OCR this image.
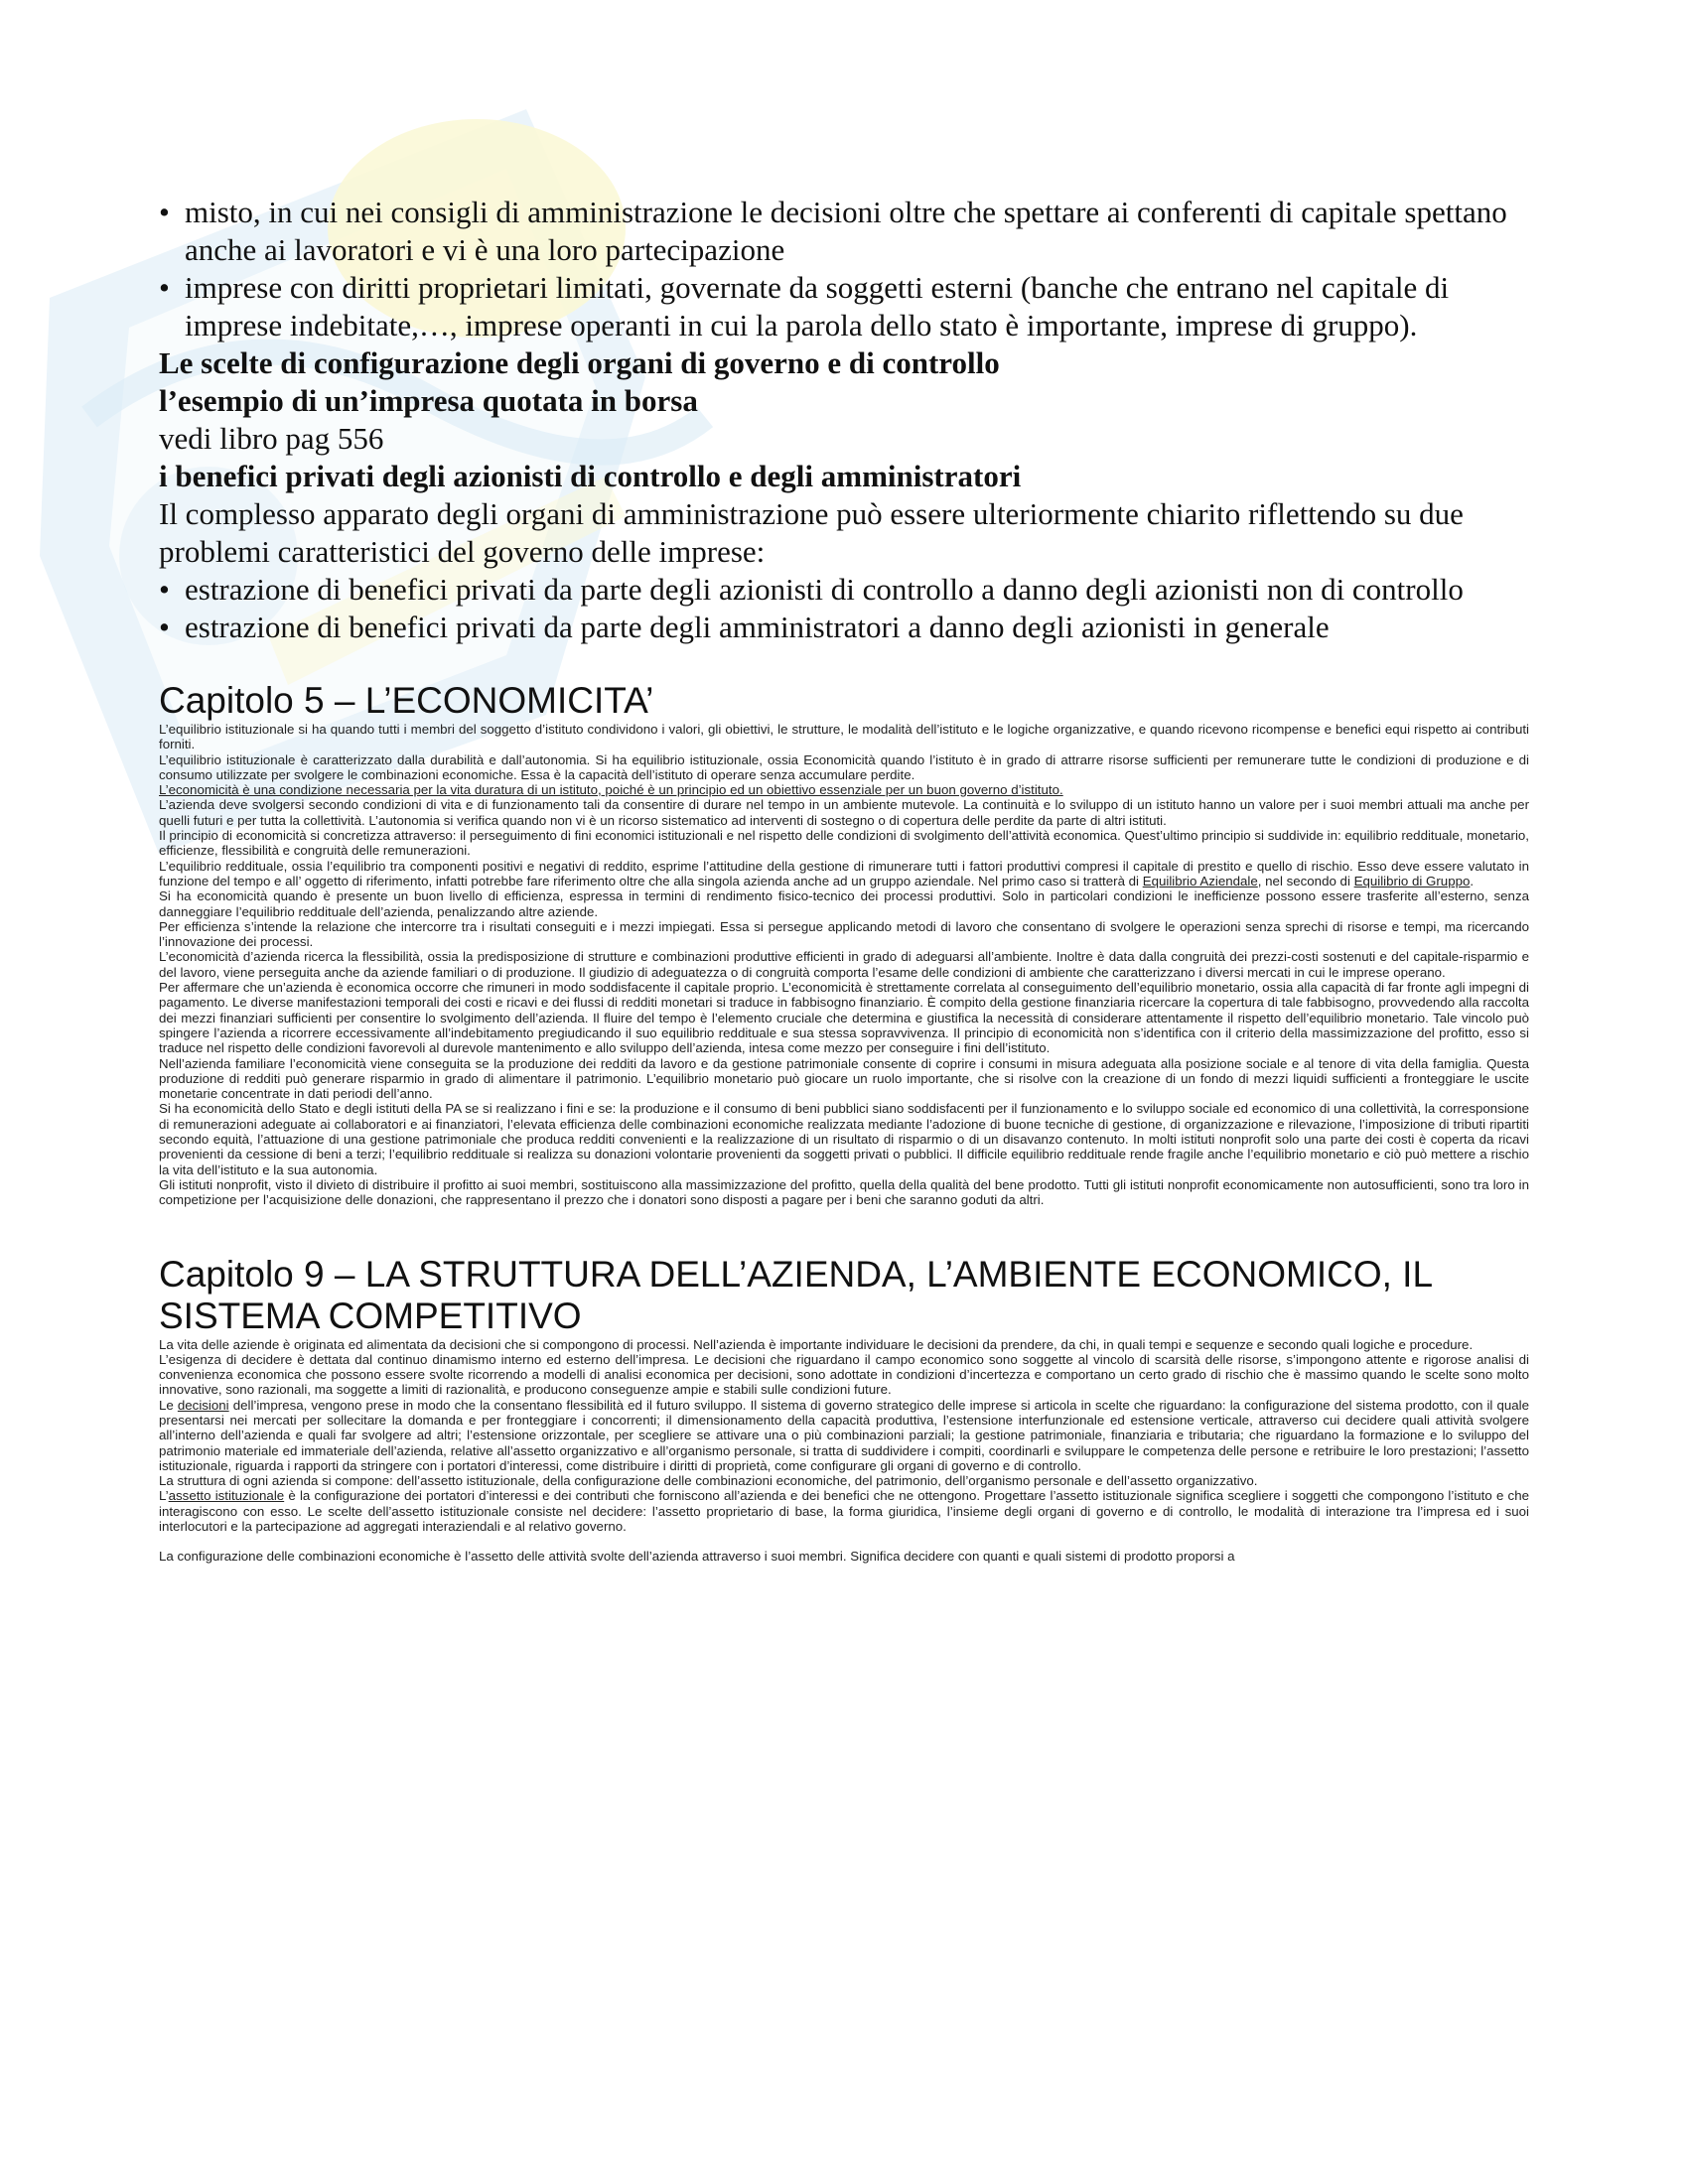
• misto, in cui nei consigli di amministrazione le decisioni oltre che spettare ai conferenti di capitale spettano anche ai lavoratori e vi è una loro partecipazione
• imprese con diritti proprietari limitati, governate da soggetti esterni (banche che entrano nel capitale di imprese indebitate,…, imprese operanti in cui la parola dello stato è importante, imprese di gruppo).
Le scelte di configurazione degli organi di governo e di controllo
l’esempio di un’impresa quotata in borsa
vedi libro pag 556
i benefici privati degli azionisti di controllo e degli amministratori
Il complesso apparato degli organi di amministrazione può essere ulteriormente chiarito riflettendo su due problemi caratteristici del governo delle imprese:
• estrazione di benefici privati da parte degli azionisti di controllo a danno degli azionisti non di controllo
• estrazione di benefici privati da parte degli amministratori a danno degli azionisti in generale
Capitolo 5 – L’ECONOMICITA’

L’equilibrio istituzionale si ha quando tutti i membri del soggetto d’istituto condividono i valori, gli obiettivi, le strutture, le modalità dell’istituto e le logiche organizzative, e quando ricevono ricompense e benefici equi rispetto ai contributi forniti.

L’equilibrio istituzionale è caratterizzato dalla durabilità e dall’autonomia. Si ha equilibrio istituzionale, ossia Economicità quando l’istituto è in grado di attrarre risorse sufficienti per remunerare tutte le condizioni di produzione e di consumo utilizzate per svolgere le combinazioni economiche. Essa è la capacità dell’istituto di operare senza accumulare perdite.

L’economicità è una condizione necessaria per la vita duratura di un istituto, poiché è un principio ed un obiettivo essenziale per un buon governo d’istituto.

L’azienda deve svolgersi secondo condizioni di vita e di funzionamento tali da consentire di durare nel tempo in un ambiente mutevole. La continuità e lo sviluppo di un istituto hanno un valore per i suoi membri attuali ma anche per quelli futuri e per tutta la collettività. L’autonomia si verifica quando non vi è un ricorso sistematico ad interventi di sostegno o di copertura delle perdite da parte di altri istituti.

Il principio di economicità si concretizza attraverso: il perseguimento di fini economici istituzionali e nel rispetto delle condizioni di svolgimento dell’attività economica. Quest’ultimo principio si suddivide in: equilibrio reddituale, monetario, efficienze, flessibilità e congruità delle remunerazioni.

L’equilibrio reddituale, ossia l’equilibrio tra componenti positivi e negativi di reddito, esprime l’attitudine della gestione di rimunerare tutti i fattori produttivi compresi il capitale di prestito e quello di rischio. Esso deve essere valutato in funzione del tempo e all’ oggetto di riferimento, infatti potrebbe fare riferimento oltre che alla singola azienda anche ad un gruppo aziendale. Nel primo caso si tratterà di Equilibrio Aziendale, nel secondo di Equilibrio di Gruppo.

Si ha economicità quando è presente un buon livello di efficienza, espressa in termini di rendimento fisico-tecnico dei processi produttivi. Solo in particolari condizioni le inefficienze possono essere trasferite all’esterno, senza danneggiare l’equilibrio reddituale dell’azienda, penalizzando altre aziende.

Per efficienza s’intende la relazione che intercorre tra i risultati conseguiti e i mezzi impiegati. Essa si persegue applicando metodi di lavoro che consentano di svolgere le operazioni senza sprechi di risorse e tempi, ma ricercando l’innovazione dei processi.

L’economicità d’azienda ricerca la flessibilità, ossia la predisposizione di strutture e combinazioni produttive efficienti in grado di adeguarsi all’ambiente. Inoltre è data dalla congruità dei prezzi-costi sostenuti e del capitale-risparmio e del lavoro, viene perseguita anche da aziende familiari o di produzione. Il giudizio di adeguatezza o di congruità comporta l’esame delle condizioni di ambiente che caratterizzano i diversi mercati in cui le imprese operano.

Per affermare che un’azienda è economica occorre che rimuneri in modo soddisfacente il capitale proprio. L’economicità è strettamente correlata al conseguimento dell’equilibrio monetario, ossia alla capacità di far fronte agli impegni di pagamento. Le diverse manifestazioni temporali dei costi e ricavi e dei flussi di redditi monetari si traduce in fabbisogno finanziario. È compito della gestione finanziaria ricercare la copertura di tale fabbisogno, provvedendo alla raccolta dei mezzi finanziari sufficienti per consentire lo svolgimento dell’azienda. Il fluire del tempo è l’elemento cruciale che determina e giustifica la necessità di considerare attentamente il rispetto dell’equilibrio monetario. Tale vincolo può spingere l’azienda a ricorrere eccessivamente all’indebitamento pregiudicando il suo equilibrio reddituale e sua stessa sopravvivenza. Il principio di economicità non s’identifica con il criterio della massimizzazione del profitto, esso si traduce nel rispetto delle condizioni favorevoli al durevole mantenimento e allo sviluppo dell’azienda, intesa come mezzo per conseguire i fini dell’istituto.

Nell’azienda familiare l’economicità viene conseguita se la produzione dei redditi da lavoro e da gestione patrimoniale consente di coprire i consumi in misura adeguata alla posizione sociale e al tenore di vita della famiglia. Questa produzione di redditi può generare risparmio in grado di alimentare il patrimonio. L’equilibrio monetario può giocare un ruolo importante, che si risolve con la creazione di un fondo di mezzi liquidi sufficienti a fronteggiare le uscite monetarie concentrate in dati periodi dell’anno.

Si ha economicità dello Stato e degli istituti della PA se si realizzano i fini e se: la produzione e il consumo di beni pubblici siano soddisfacenti per il funzionamento e lo sviluppo sociale ed economico di una collettività, la corresponsione di remunerazioni adeguate ai collaboratori e ai finanziatori, l’elevata efficienza delle combinazioni economiche realizzata mediante l’adozione di buone tecniche di gestione, di organizzazione e rilevazione, l’imposizione di tributi ripartiti secondo equità, l’attuazione di una gestione patrimoniale che produca redditi convenienti e la realizzazione di un risultato di risparmio o di un disavanzo contenuto. In molti istituti nonprofit solo una parte dei costi è coperta da ricavi provenienti da cessione di beni a terzi; l’equilibrio reddituale si realizza su donazioni volontarie provenienti da soggetti privati o pubblici. Il difficile equilibrio reddituale rende fragile anche l’equilibrio monetario e ciò può mettere a rischio la vita dell’istituto e la sua autonomia.

Gli istituti nonprofit, visto il divieto di distribuire il profitto ai suoi membri, sostituiscono alla massimizzazione del profitto, quella della qualità del bene prodotto. Tutti gli istituti nonprofit economicamente non autosufficienti, sono tra loro in competizione per l’acquisizione delle donazioni, che rappresentano il prezzo che i donatori sono disposti a pagare per i beni che saranno goduti da altri.

Capitolo 9 – LA STRUTTURA DELL’AZIENDA, L’AMBIENTE ECONOMICO, IL SISTEMA COMPETITIVO

La vita delle aziende è originata ed alimentata da decisioni che si compongono di processi. Nell’azienda è importante individuare le decisioni da prendere, da chi, in quali tempi e sequenze e secondo quali logiche e procedure.

L’esigenza di decidere è dettata dal continuo dinamismo interno ed esterno dell’impresa. Le decisioni che riguardano il campo economico sono soggette al vincolo di scarsità delle risorse, s’impongono attente e rigorose analisi di convenienza economica che possono essere svolte ricorrendo a modelli di analisi economica per decisioni, sono adottate in condizioni d’incertezza e comportano un certo grado di rischio che è massimo quando le scelte sono molto innovative, sono razionali, ma soggette a limiti di razionalità, e producono conseguenze ampie e stabili sulle condizioni future.

Le decisioni dell’impresa, vengono prese in modo che la consentano flessibilità ed il futuro sviluppo. Il sistema di governo strategico delle imprese si articola in scelte che riguardano: la configurazione del sistema prodotto, con il quale presentarsi nei mercati per sollecitare la domanda e per fronteggiare i concorrenti; il dimensionamento della capacità produttiva, l’estensione interfunzionale ed estensione verticale, attraverso cui decidere quali attività svolgere all’interno dell’azienda e quali far svolgere ad altri; l’estensione orizzontale, per scegliere se attivare una o più combinazioni parziali; la gestione patrimoniale, finanziaria e tributaria; che riguardano la formazione e lo sviluppo del patrimonio materiale ed immateriale dell’azienda, relative all’assetto organizzativo e all’organismo personale, si tratta di suddividere i compiti, coordinarli e sviluppare le competenza delle persone e retribuire le loro prestazioni; l’assetto istituzionale, riguarda i rapporti da stringere con i portatori d’interessi, come distribuire i diritti di proprietà, come configurare gli organi di governo e di controllo.

La struttura di ogni azienda si compone: dell’assetto istituzionale, della configurazione delle combinazioni economiche, del patrimonio, dell’organismo personale e dell’assetto organizzativo.

L’assetto istituzionale è la configurazione dei portatori d’interessi e dei contributi che forniscono all’azienda e dei benefici che ne ottengono. Progettare l’assetto istituzionale significa scegliere i soggetti che compongono l’istituto e che interagiscono con esso. Le scelte dell’assetto istituzionale consiste nel decidere: l’assetto proprietario di base, la forma giuridica, l’insieme degli organi di governo e di controllo, le modalità di interazione tra l’impresa ed i suoi interlocutori e la partecipazione ad aggregati interaziendali e al relativo governo.

La configurazione delle combinazioni economiche è l’assetto delle attività svolte dell’azienda attraverso i suoi membri. Significa decidere con quanti e quali sistemi di prodotto proporsi a
